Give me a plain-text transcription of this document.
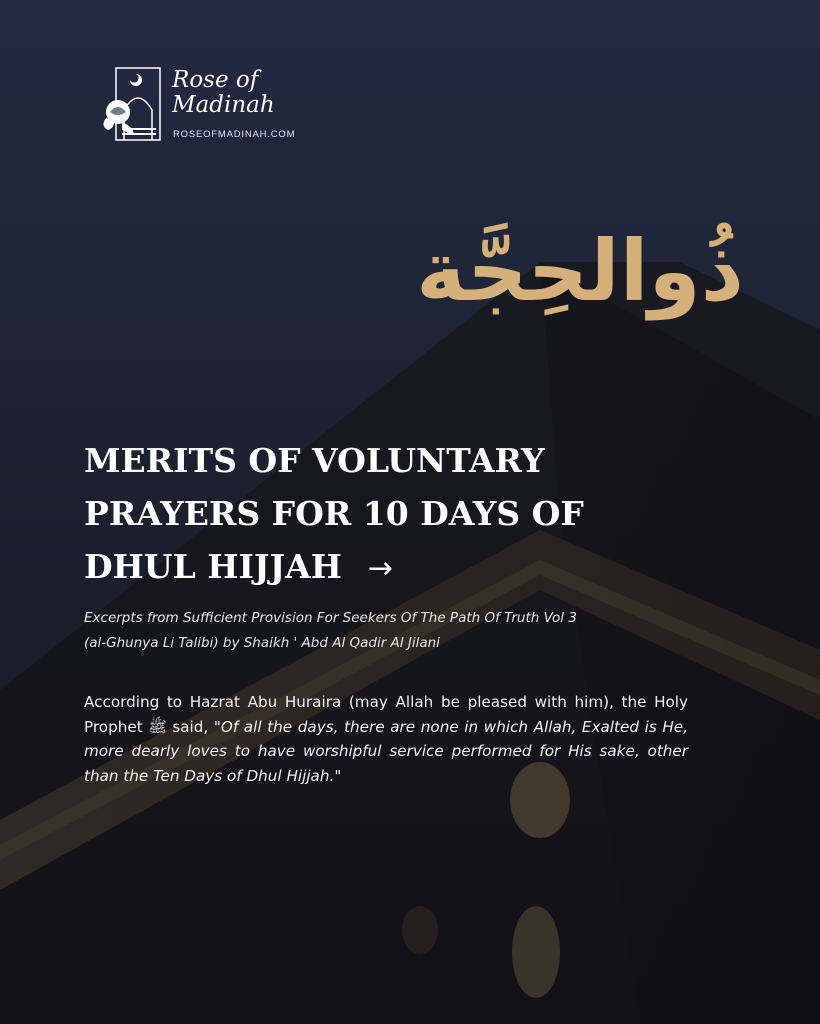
Rose of
Madinah
ROSEOFMADINAH.COM
ذُوالحِجَّة
MERITS OF VOLUNTARY
PRAYERS FOR 10 DAYS OF
DHUL HIJJAH →
Excerpts from Sufficient Provision For Seekers Of The Path Of Truth Vol 3
(al-Ghunya Li Talibi) by Shaikh ' Abd Al Qadir Al Jilani
According to Hazrat Abu Huraira (may Allah be pleased with him), the Holy Prophet ﷺ said, "Of all the days, there are none in which Allah, Exalted is He, more dearly loves to have worshipful service performed for His sake, other than the Ten Days of Dhul Hijjah."
